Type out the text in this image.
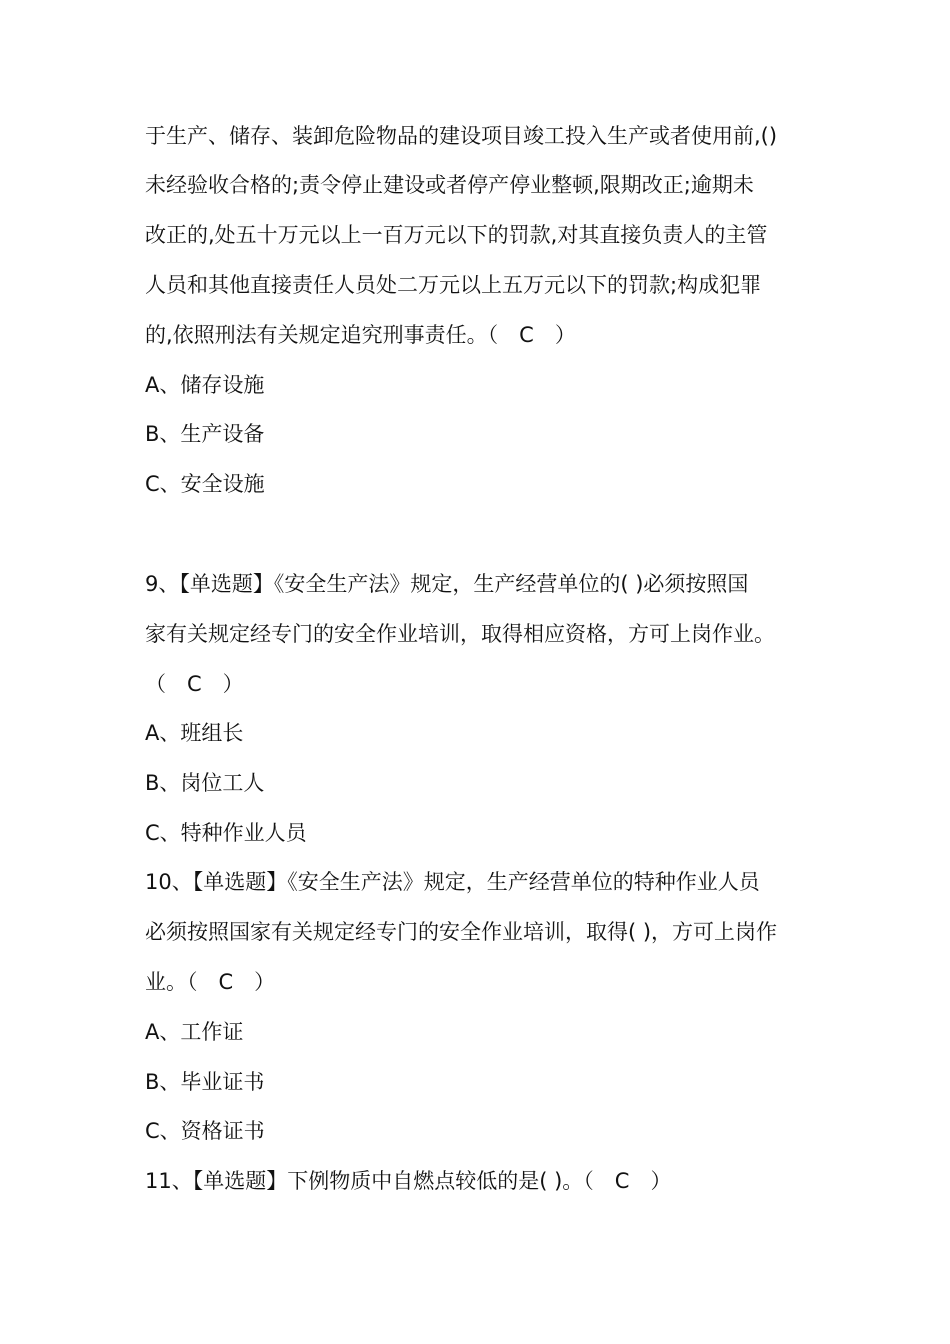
于生产、储存、装卸危险物品的建设项目竣工投入生产或者使用前,()
未经验收合格的;责令停止建设或者停产停业整顿,限期改正;逾期未
改正的,处五十万元以上一百万元以下的罚款,对其直接负责人的主管
人员和其他直接责任人员处二万元以上五万元以下的罚款;构成犯罪
的,依照刑法有关规定追究刑事责任。（　C　）
A、储存设施
B、生产设备
C、安全设施
9、【单选题】《安全生产法》规定，生产经营单位的( )必须按照国
家有关规定经专门的安全作业培训，取得相应资格，方可上岗作业。
（　C　）
A、班组长
B、岗位工人
C、特种作业人员
10、【单选题】《安全生产法》规定，生产经营单位的特种作业人员
必须按照国家有关规定经专门的安全作业培训，取得( )，方可上岗作
业。（　C　）
A、工作证
B、毕业证书
C、资格证书
11、【单选题】下例物质中自燃点较低的是( )。（　C　）
